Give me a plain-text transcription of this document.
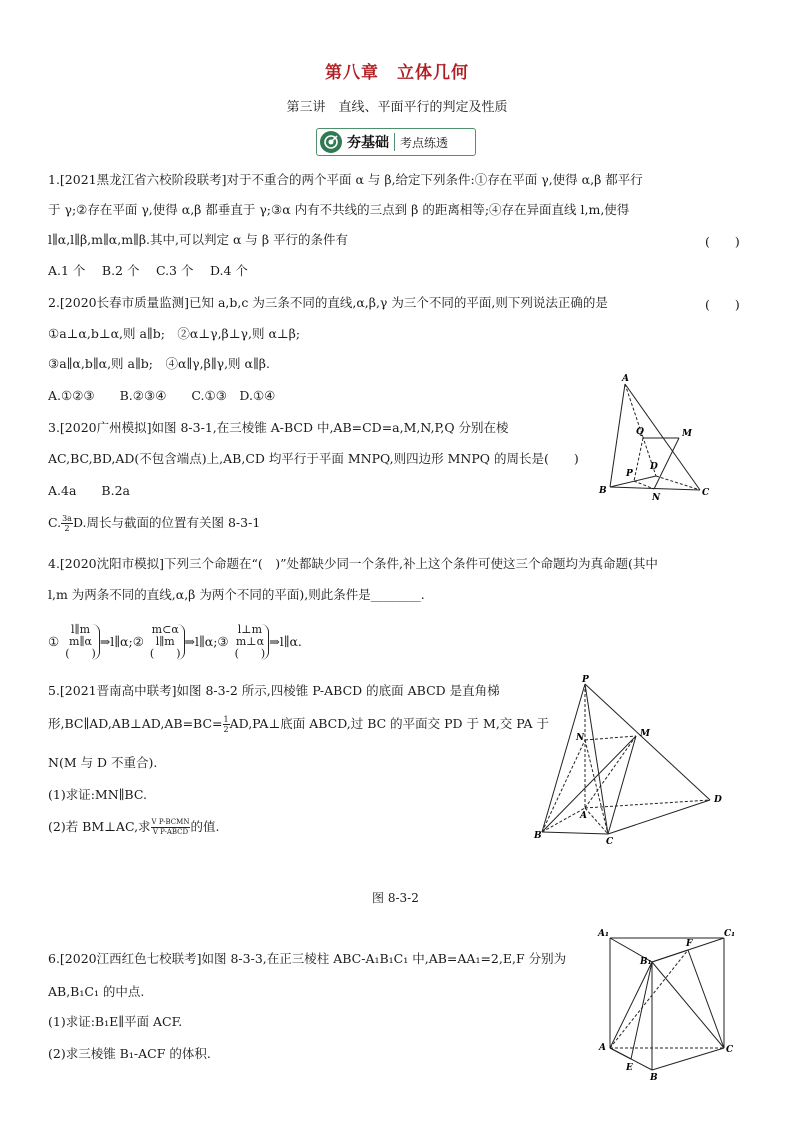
第八章　立体几何
第三讲　直线、平面平行的判定及性质
夯基础 考点练透
1.[2021黑龙江省六校阶段联考]对于不重合的两个平面 α 与 β,给定下列条件:①存在平面 γ,使得 α,β 都平行
于 γ;②存在平面 γ,使得 α,β 都垂直于 γ;③α 内有不共线的三点到 β 的距离相等;④存在异面直线 l,m,使得
l∥α,l∥β,m∥α,m∥β.其中,可以判定 α 与 β 平行的条件有	(　　)
A.1 个　 B.2 个　 C.3 个　 D.4 个
2.[2020长春市质量监测]已知 a,b,c 为三条不同的直线,α,β,γ 为三个不同的平面,则下列说法正确的是	(　　)
①a⊥α,b⊥α,则 a∥b;　②α⊥γ,β⊥γ,则 α⊥β;
③a∥α,b∥α,则 a∥b;　④α∥γ,β∥γ,则 α∥β.
A.①②③　　B.②③④　　C.①③　D.①④
A
Q	M
D
P
B
N	C
3.[2020广州模拟]如图 8-3-1,在三棱锥 A-BCD 中,AB=CD=a,M,N,P,Q 分别在棱
AC,BC,BD,AD(不包含端点)上,AB,CD 均平行于平面 MNPQ,则四边形 MNPQ 的周长是(　　)
A.4a　　B.2a
C. $\frac{3a}{2} D$.周长与截面的位置有关图 8-3-1
4.[2020沈阳市模拟]下列三个命题在“(　)”处都缺少同一个条件,补上这个条件可使这三个命题均为真命题(其中
l,m 为两条不同的直线,α,β 为两个不同的平面),则此条件是________.
①
l∥m
m∥α
(　　)
⇒l∥α;②
m⊂α
l∥m
(　　)
⇒l∥α;③
l⊥m
m⊥α
(　　)
⇒l∥α.
5.[2021晋南高中联考]如图 8-3-2 所示,四棱锥 P-ABCD 的底面 ABCD 是直角梯
形,BC∥AD,AB⊥AD,AB=BC= $\frac{1}{2}$ AD,PA⊥底面 ABCD,过 BC 的平面交 PD 于 M,交 PA 于
N(M 与 D 不重合).
(1)求证:MN∥BC.
(2)若 BM⊥AC,求 $\frac{\text{V P-BCMN}}{\text{V P-ABCD}}$ 的值.
P
M
N
A
D
B
C
图 8-3-2
6.[2020江西红色七校联考]如图 8-3-3,在正三棱柱 ABC-A₁B₁C₁ 中,AB=AA₁=2,E,F 分别为
AB,B₁C₁ 的中点.
(1)求证:B₁E∥平面 ACF.
(2)求三棱锥 B₁-ACF 的体积.
A₁
F
C₁
B₁
A	C
E
B
